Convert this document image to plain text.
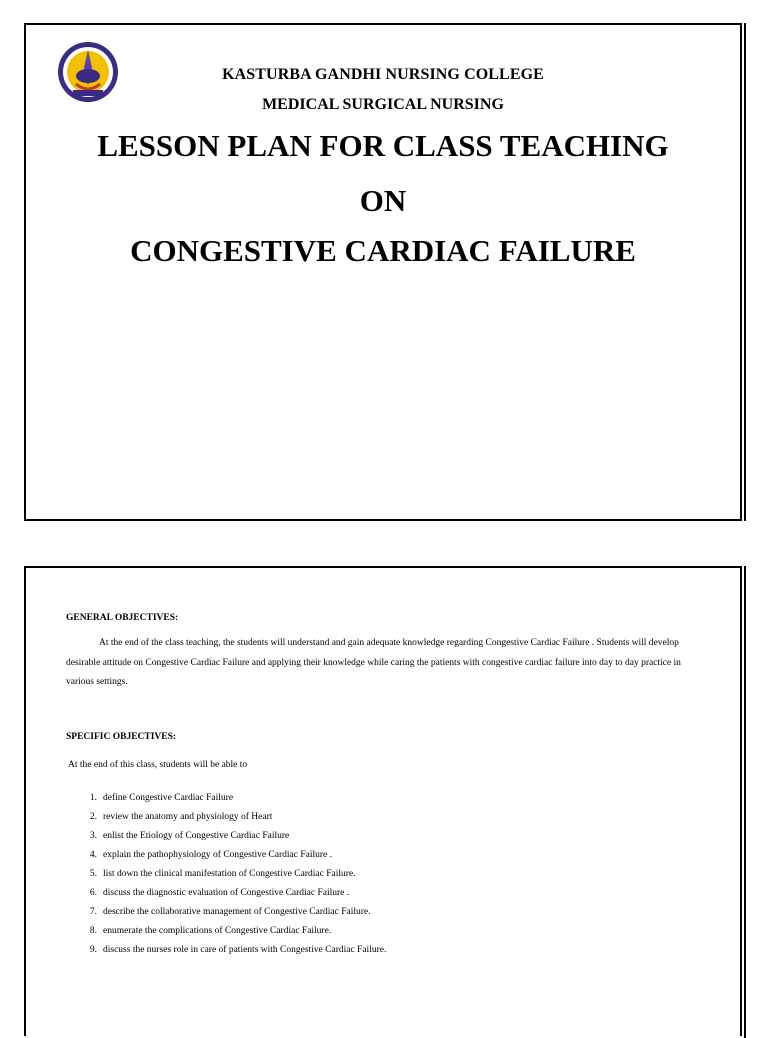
KASTURBA GANDHI NURSING COLLEGE
MEDICAL SURGICAL NURSING
LESSON PLAN FOR CLASS TEACHING
ON
CONGESTIVE CARDIAC FAILURE
GENERAL OBJECTIVES:
At the end of the class teaching, the students will understand and gain adequate knowledge regarding Congestive Cardiac Failure . Students will develop desirable attitude on Congestive Cardiac Failure and applying their knowledge while caring the patients with congestive cardiac failure into day to day practice in various settings.
SPECIFIC OBJECTIVES:
At the end of this class, students will be able to
1. define Congestive Cardiac Failure
2. review the anatomy and physiology of Heart
3. enlist the Etiology of Congestive Cardiac Failure
4. explain the pathophysiology of Congestive Cardiac Failure .
5. list down the clinical manifestation of Congestive Cardiac Failure.
6. discuss the diagnostic evaluation of Congestive Cardiac Failure .
7. describe the collaborative management of Congestive Cardiac Failure.
8. enumerate the complications of Congestive Cardiac Failure.
9. discuss the nurses role in care of patients with Congestive Cardiac Failure.
